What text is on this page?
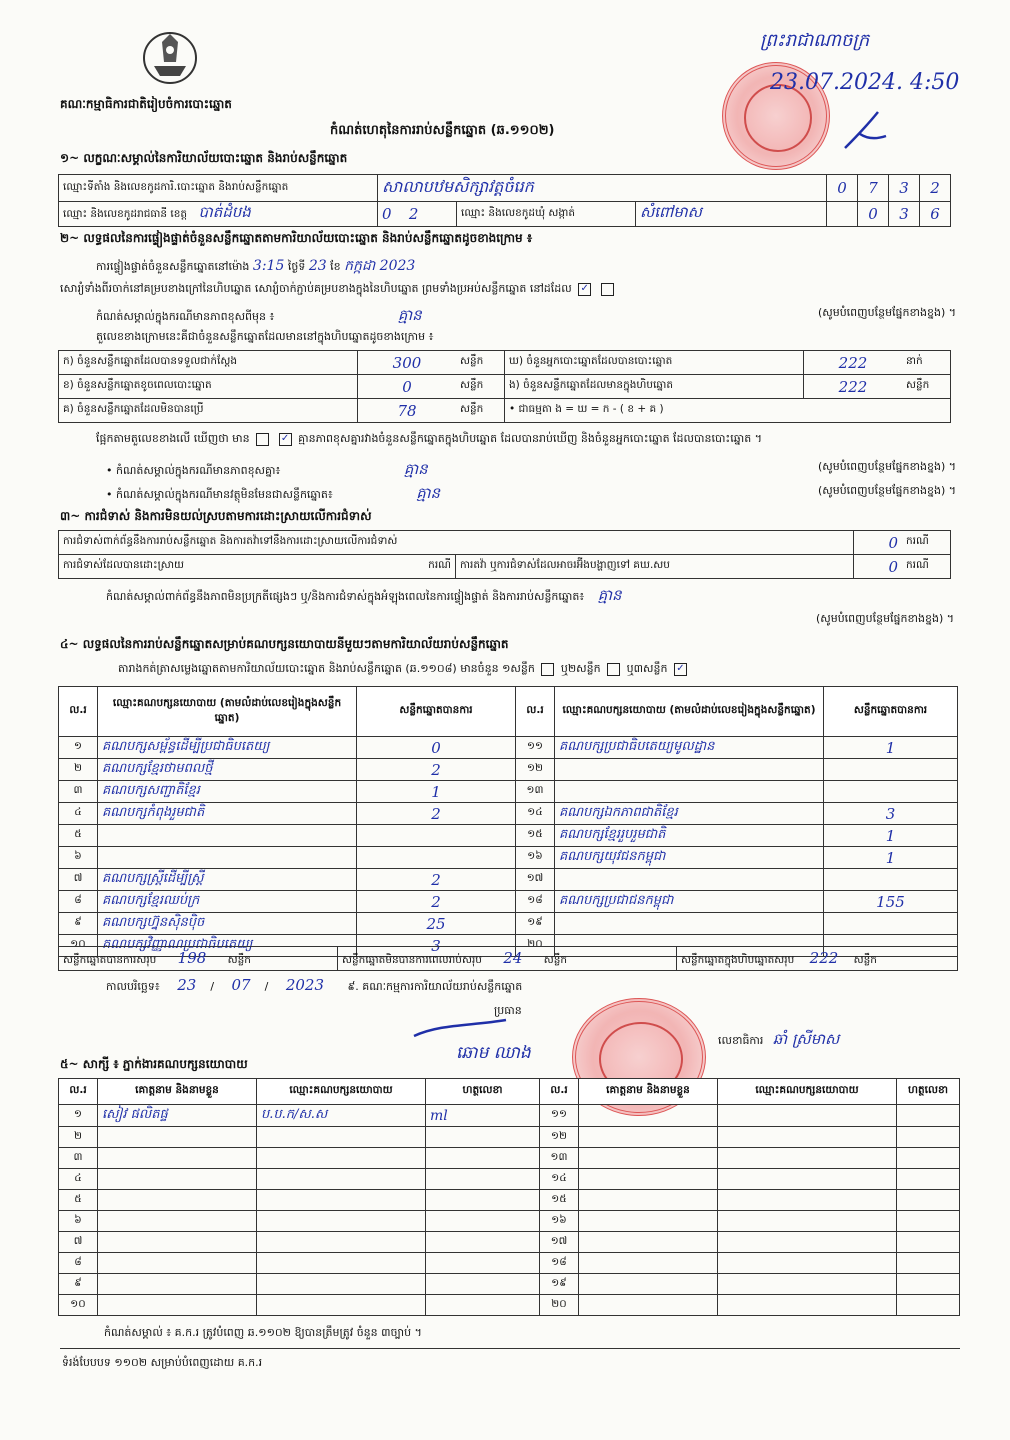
គណៈកម្មាធិការជាតិរៀបចំការបោះឆ្នោត
ព្រះរាជាណាចក្រ
23.07.2024. 4:50
កំណត់ហេតុនៃការរាប់សន្លឹកឆ្នោត (ឆ.១១០២)
១~ លក្ខណៈសម្គាល់នៃការិយាល័យបោះឆ្នោត និងរាប់សន្លឹកឆ្នោត
ឈ្មោះទីតាំង និងលេខកូដការិ.បោះឆ្នោត និងរាប់សន្លឹកឆ្នោត	សាលាបឋមសិក្សាវត្តចំរេក			0	7	3	2
ឈ្មោះ និងលេខកូដរាជធានី ខេត្ត បាត់ដំបង	0 2	ឈ្មោះ និងលេខកូដឃុំ សង្កាត់	សំពៅមាស		0	3	6
២~ លទ្ធផលនៃការផ្ទៀងផ្ទាត់ចំនួនសន្លឹកឆ្នោតតាមការិយាល័យបោះឆ្នោត និងរាប់សន្លឹកឆ្នោតដូចខាងក្រោម ៖
ការផ្ទៀងផ្ទាត់ចំនួនសន្លឹកឆ្នោតនៅម៉ោង 3:15 ថ្ងៃទី 23 ខែ កក្កដា 2023
សោរ្យំទាំងពីរចាក់នៅគម្របខាងក្រៅនៃហិបឆ្នោត សោរ្យំចាក់ភ្ជាប់គម្របខាងក្នុងនៃហិបឆ្នោត ព្រមទាំងប្រអប់សន្លឹកឆ្នោត នៅដដែល ✓
កំណត់សម្គាល់ក្នុងករណីមានភាពខុសពីមុន ៖	គ្មាន	(សូមបំពេញបន្ថែមផ្នែកខាងខ្នង) ។
តួលេខខាងក្រោមនេះគឺជាចំនួនសន្លឹកឆ្នោតដែលមាននៅក្នុងហិបឆ្នោតដូចខាងក្រោម ៖
ក) ចំនួនសន្លឹកឆ្នោតដែលបានទទួលជាក់ស្តែង	300	សន្លឹក	ឃ) ចំនួនអ្នកបោះឆ្នោតដែលបានបោះឆ្នោត	222	នាក់
ខ) ចំនួនសន្លឹកឆ្នោតខូចពេលបោះឆ្នោត	0	សន្លឹក	ង) ចំនួនសន្លឹកឆ្នោតដែលមានក្នុងហិបឆ្នោត	222	សន្លឹក
គ) ចំនួនសន្លឹកឆ្នោតដែលមិនបានប្រើ	78	សន្លឹក	• ជាធម្មតា ង = ឃ = ក - ( ខ + គ )		
ផ្អែកតាមតួលេខខាងលើ ឃើញថា មាន	✓ គ្មានភាពខុសគ្នារវាងចំនួនសន្លឹកឆ្នោតក្នុងហិបឆ្នោត ដែលបានរាប់ឃើញ និងចំនួនអ្នកបោះឆ្នោត ដែលបានបោះឆ្នោត ។
• កំណត់សម្គាល់ក្នុងករណីមានភាពខុសគ្នា៖	គ្មាន	(សូមបំពេញបន្ថែមផ្នែកខាងខ្នង) ។
• កំណត់សម្គាល់ក្នុងករណីមានវត្ថុមិនមែនជាសន្លឹកឆ្នោត៖	គ្មាន	(សូមបំពេញបន្ថែមផ្នែកខាងខ្នង) ។
៣~ ការជំទាស់ និងការមិនយល់ស្របតាមការដោះស្រាយលើការជំទាស់
ការជំទាស់ពាក់ព័ន្ធនឹងការរាប់សន្លឹកឆ្នោត និងការតវ៉ាទៅនឹងការដោះស្រាយលើការជំទាស់			0	ករណី
ការជំទាស់ដែលបានដោះស្រាយ	ករណី	ការតវ៉ា ឬការជំទាស់ដែលអាចរអ៊ីងបង្ហាញទៅ គឃ.សប	0	ករណី
កំណត់សម្គាល់ពាក់ព័ន្ធនឹងភាពមិនប្រក្រតីផ្សេងៗ ឬ/និងការជំទាស់ក្នុងអំឡុងពេលនៃការផ្ទៀងផ្ទាត់ និងការរាប់សន្លឹកឆ្នោត៖ គ្មាន
(សូមបំពេញបន្ថែមផ្នែកខាងខ្នង) ។
៤~ លទ្ធផលនៃការរាប់សន្លឹកឆ្នោតសម្រាប់គណបក្សនយោបាយនីមួយៗតាមការិយាល័យរាប់សន្លឹកឆ្នោត
តារាងកត់ត្រាសម្លេងឆ្នោតតាមការិយាល័យបោះឆ្នោត និងរាប់សន្លឹកឆ្នោត (ឆ.១១០៨) មានចំនួន ១សន្លឹក ឬ២សន្លឹក ឬ៣សន្លឹក ✓
ល.រ	ឈ្មោះគណបក្សនយោបាយ (តាមលំដាប់លេខរៀងក្នុងសន្លឹកឆ្នោត)	សន្លឹកឆ្នោតបានការ	ល.រ	ឈ្មោះគណបក្សនយោបាយ (តាមលំដាប់លេខរៀងក្នុងសន្លឹកឆ្នោត)	សន្លឹកឆ្នោតបានការ
១	គណបក្សសម្ព័ន្ធដើម្បីប្រជាធិបតេយ្យ	0	១១	គណបក្សប្រជាធិបតេយ្យមូលដ្ឋាន	1
២	គណបក្សខ្មែរថាមពលថ្មី	2	១២		
៣	គណបក្សសញ្ជាតិខ្មែរ	1	១៣		
៤	គណបក្សកំពុងរួមជាតិ	2	១៤	គណបក្សឯកភាពជាតិខ្មែរ	3
៥			១៥	គណបក្សខ្មែររួបរួមជាតិ	1
៦			១៦	គណបក្សយុវជនកម្ពុជា	1
៧	គណបក្សស្ត្រីដើម្បីស្ត្រី	2	១៧		
៨	គណបក្សខ្មែរឈប់ក្រ	2	១៨	គណបក្សប្រជាជនកម្ពុជា	155
៩	គណបក្សហ្វ៊ុនស៊ិនប៉ិច	25	១៩		
១០	គណបក្សវិញ្ញាណប្រជាធិបតេយ្យ	3	២០		
សន្លឹកឆ្នោតបានការសរុប 198 សន្លឹក	សន្លឹកឆ្នោតមិនបានការពេលរាប់សរុប 24 សន្លឹក	សន្លឹកឆ្នោតក្នុងហិបឆ្នោតសរុប 222 សន្លឹក
កាលបរិច្ឆេទ៖ 23 / 07 / 2023 ៩. គណៈកម្មការការិយាល័យរាប់សន្លឹកឆ្នោត
ប្រធាន
ឆោម ឈាង
លេខាធិការ ឆាំ ស្រីមាស
៥~ សាក្សី ៖ ភ្នាក់ងារគណបក្សនយោបាយ
ល.រ	គោត្តនាម និងនាមខ្លួន	ឈ្មោះគណបក្សនយោបាយ	ហត្ថលេខា	ល.រ	គោត្តនាម និងនាមខ្លួន	ឈ្មោះគណបក្សនយោបាយ	ហត្ថលេខា
១	សៀវ ផលិតផ្ទ	ប.ប.ក/ស.ស	ml	១១			
២				១២			
៣				១៣			
៤				១៤			
៥				១៥			
៦				១៦			
៧				១៧			
៨				១៨			
៩				១៩			
១០				២០			
កំណត់សម្គាល់ ៖ គ.ក.រ ត្រូវបំពេញ ឆ.១១០២ ឱ្យបានត្រឹមត្រូវ ចំនួន ៣ច្បាប់ ។
ទំរង់បែបបទ ១១០២ សម្រាប់បំពេញដោយ គ.ក.រ
